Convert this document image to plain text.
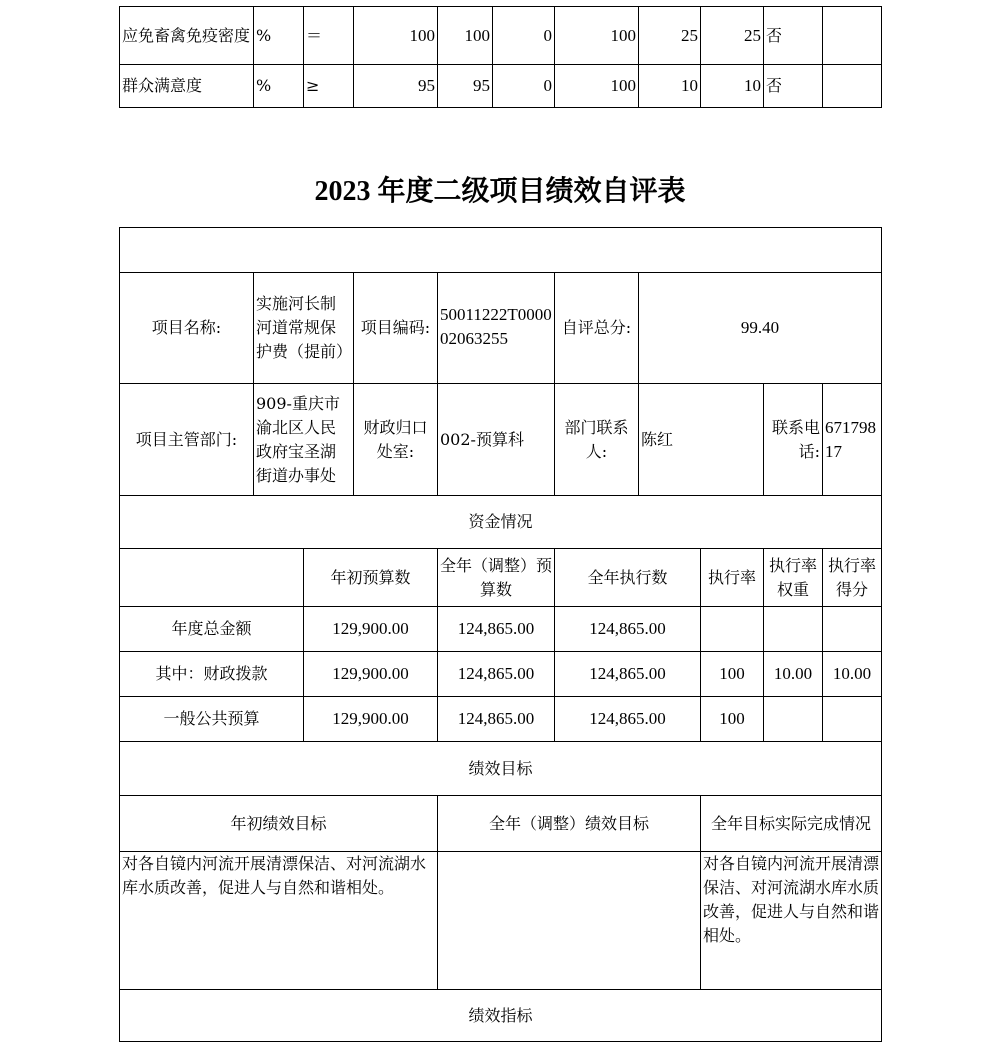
应免畜禽免疫密度	%	＝	100	100	0	100	25	25	否	
群众满意度	%	≥	95	95	0	100	10	10	否	
2023 年度二级项目绩效自评表

项目名称:	实施河长制河道常规保护费（提前）		项目编码:	50011222T000002063255	自评总分:	99.40			
项目主管部门:	909-重庆市渝北区人民政府宝圣湖街道办事处		财政归口处室:	002-预算科	部门联系人:	陈红		联系电话:	67179817
资金情况									
		年初预算数		全年（调整）预算数	全年执行数		执行率	执行率权重	执行率得分
年度总金额		129,900.00		124,865.00	124,865.00				
其中：财政拨款		129,900.00		124,865.00	124,865.00		100	10.00	10.00
一般公共预算		129,900.00		124,865.00	124,865.00		100		
绩效目标									
年初绩效目标				全年（调整）绩效目标			全年目标实际完成情况		
对各自镜内河流开展清漂保洁、对河流湖水库水质改善，促进人与自然和谐相处。							对各自镜内河流开展清漂保洁、对河流湖水库水质改善，促进人与自然和谐相处。		
绩效指标									
